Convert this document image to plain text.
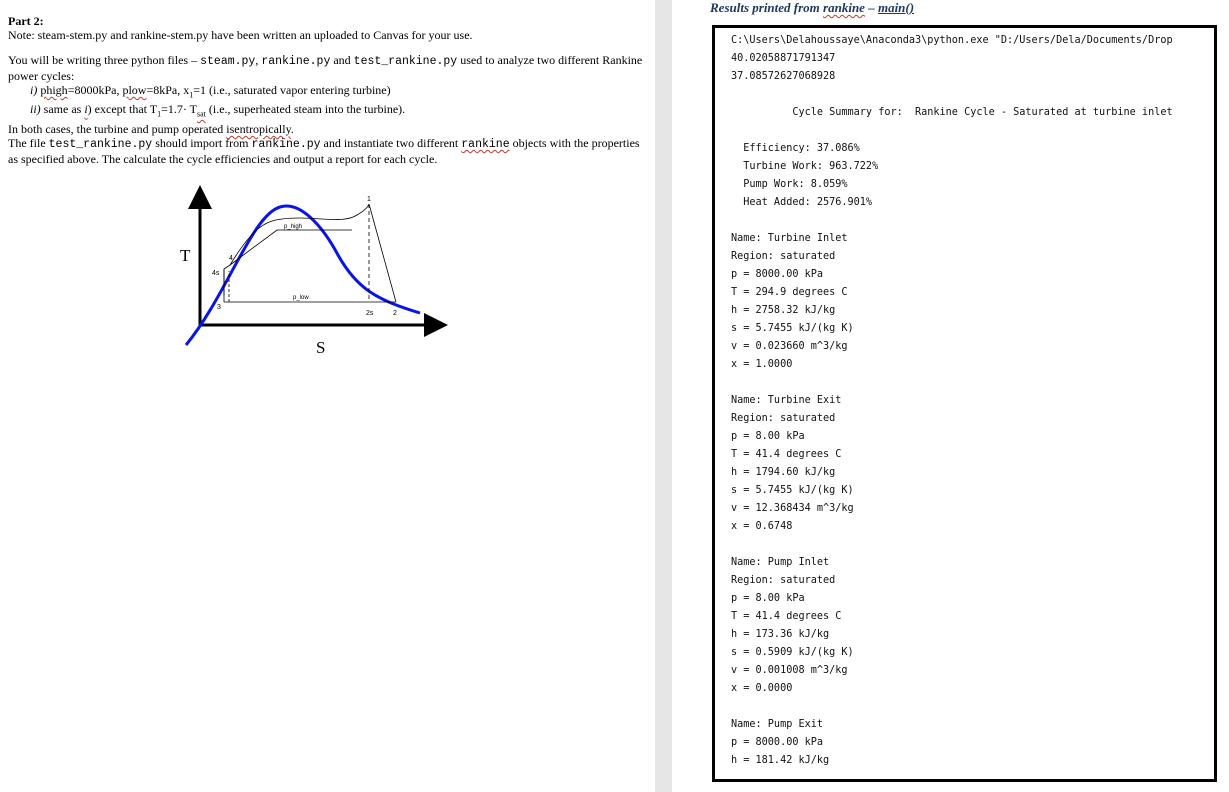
Part 2:

Note: steam-stem.py and rankine-stem.py have been written an uploaded to Canvas for your use.

You will be writing three python files – steam.py, rankine.py and test_rankine.py used to analyze two different Rankine power cycles:

i) phigh=8000kPa, plow=8kPa, $x_1=1$ (i.e., saturated vapor entering turbine)

ii) same as i) except that $T_1=1.7\cdot T_{sat}$ (i.e., superheated steam into the turbine).

In both cases, the turbine and pump operated isentropically.

The file test_rankine.py should import from rankine.py and instantiate two different rankine objects with the properties as specified above. The calculate the cycle efficiencies and output a report for each cycle.

T
S
p_high
p_low
1
2
2s
3
4
4s
Results printed from rankine – main()
C:\Users\Delahoussaye\Anaconda3\python.exe "D:/Users/Dela/Documents/Drop
40.02058871791347
37.08572627068928

Cycle Summary for:  Rankine Cycle - Saturated at turbine inlet

Efficiency: 37.086%
Turbine Work: 963.722%
Pump Work: 8.059%
Heat Added: 2576.901%

Name: Turbine Inlet
Region: saturated
p = 8000.00 kPa
T = 294.9 degrees C
h = 2758.32 kJ/kg
s = 5.7455 kJ/(kg K)
v = 0.023660 m^3/kg
x = 1.0000

Name: Turbine Exit
Region: saturated
p = 8.00 kPa
T = 41.4 degrees C
h = 1794.60 kJ/kg
s = 5.7455 kJ/(kg K)
v = 12.368434 m^3/kg
x = 0.6748

Name: Pump Inlet
Region: saturated
p = 8.00 kPa
T = 41.4 degrees C
h = 173.36 kJ/kg
s = 0.5909 kJ/(kg K)
v = 0.001008 m^3/kg
x = 0.0000

Name: Pump Exit
p = 8000.00 kPa
h = 181.42 kJ/kg
